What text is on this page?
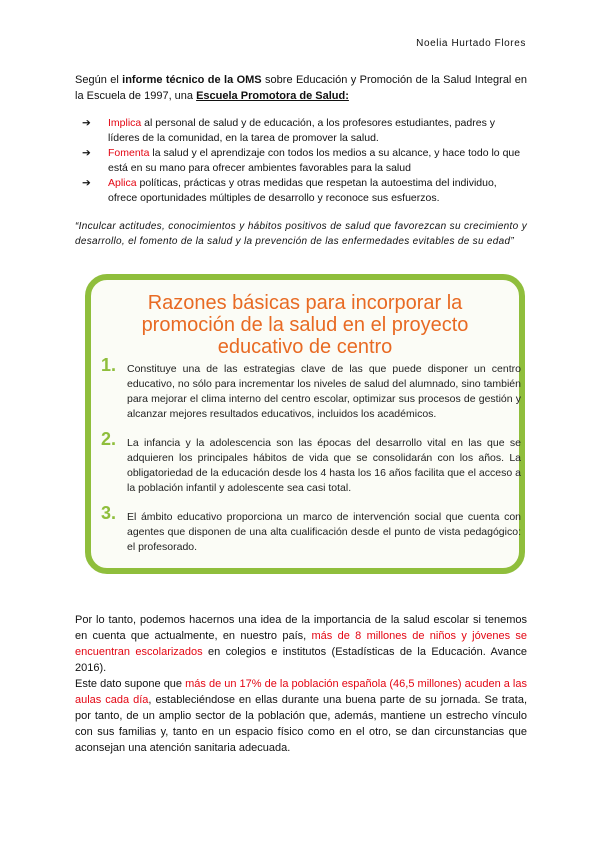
Noelia Hurtado Flores
Según el informe técnico de la OMS sobre Educación y Promoción de la Salud Integral en la Escuela de 1997, una Escuela Promotora de Salud:
➔ Implica al personal de salud y de educación, a los profesores estudiantes, padres y líderes de la comunidad, en la tarea de promover la salud.
➔ Fomenta la salud y el aprendizaje con todos los medios a su alcance, y hace todo lo que está en su mano para ofrecer ambientes favorables para la salud
➔ Aplica políticas, prácticas y otras medidas que respetan la autoestima del individuo, ofrece oportunidades múltiples de desarrollo y reconoce sus esfuerzos.
“Inculcar actitudes, conocimientos y hábitos positivos de salud que favorezcan su crecimiento y desarrollo, el fomento de la salud y la prevención de las enfermedades evitables de su edad”
Razones básicas para incorporar la
promoción de la salud en el proyecto
educativo de centro
1. Constituye una de las estrategias clave de las que puede disponer un centro educativo, no sólo para incrementar los niveles de salud del alumnado, sino también para mejorar el clima interno del centro escolar, optimizar sus procesos de gestión y alcanzar mejores resultados educativos, incluidos los académicos.
2. La infancia y la adolescencia son las épocas del desarrollo vital en las que se adquieren los principales hábitos de vida que se consolidarán con los años. La obligatoriedad de la educación desde los 4 hasta los 16 años facilita que el acceso a la población infantil y adolescente sea casi total.
3. El ámbito educativo proporciona un marco de intervención social que cuenta con agentes que disponen de una alta cualificación desde el punto de vista pedagógico: el profesorado.
Por lo tanto, podemos hacernos una idea de la importancia de la salud escolar si tenemos en cuenta que actualmente, en nuestro país, más de 8 millones de niños y jóvenes se encuentran escolarizados en colegios e institutos (Estadísticas de la Educación. Avance 2016).
Este dato supone que más de un 17% de la población española (46,5 millones) acuden a las aulas cada día, estableciéndose en ellas durante una buena parte de su jornada. Se trata, por tanto, de un amplio sector de la población que, además, mantiene un estrecho vínculo con sus familias y, tanto en un espacio físico como en el otro, se dan circunstancias que aconsejan una atención sanitaria adecuada.
